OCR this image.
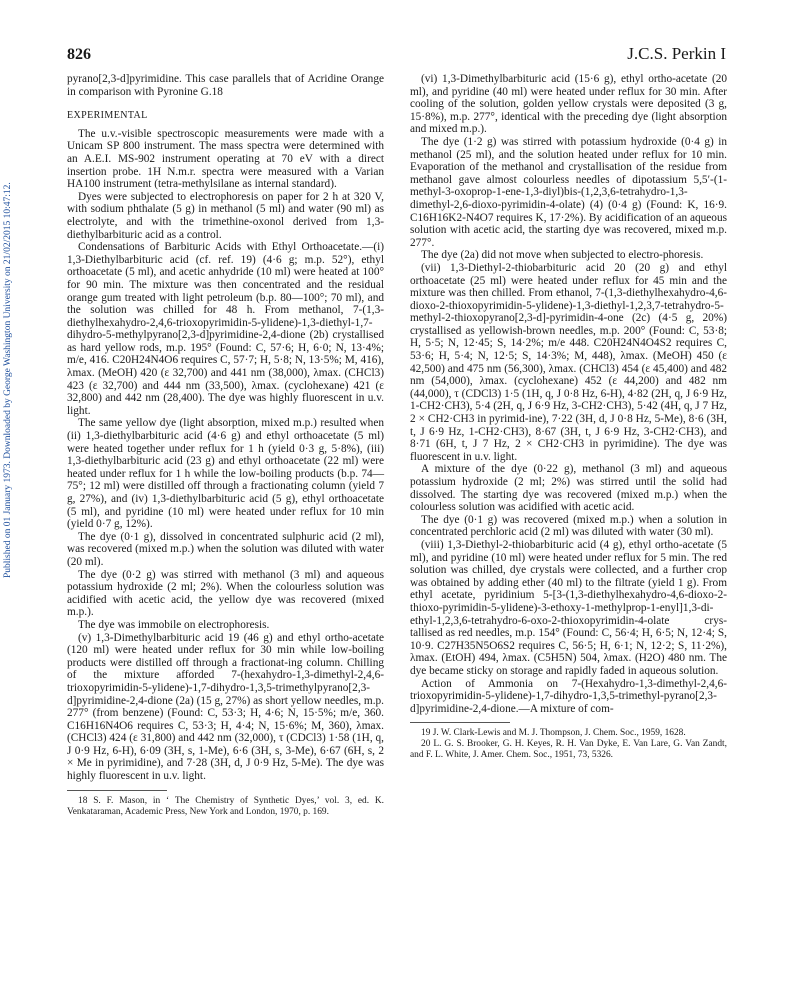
826	J.C.S. Perkin I
Published on 01 January 1973. Downloaded by George Washington University on 21/02/2015 10:47:12.

pyrano[2,3-d]pyrimidine. This case parallels that of Acridine Orange in comparison with Pyronine G.18

EXPERIMENTAL

The u.v.-visible spectroscopic measurements were made with a Unicam SP 800 instrument. The mass spectra were determined with an A.E.I. MS-902 instrument operating at 70 eV with a direct insertion probe. 1H N.m.r. spectra were measured with a Varian HA100 instrument (tetra-methylsilane as internal standard).

Dyes were subjected to electrophoresis on paper for 2 h at 320 V, with sodium phthalate (5 g) in methanol (5 ml) and water (90 ml) as electrolyte, and with the trimethine-oxonol derived from 1,3-diethylbarbituric acid as a control.

Condensations of Barbituric Acids with Ethyl Orthoacetate.—(i) 1,3-Diethylbarbituric acid (cf. ref. 19) (4·6 g; m.p. 52°), ethyl orthoacetate (5 ml), and acetic anhydride (10 ml) were heated at 100° for 90 min. The mixture was then concentrated and the residual orange gum treated with light petroleum (b.p. 80—100°; 70 ml), and the solution was chilled for 48 h. From methanol, 7-(1,3-diethylhexahydro-2,4,6-trioxopyrimidin-5-ylidene)-1,3-diethyl-1,7-dihydro-5-methylpyrano[2,3-d]pyrimidine-2,4-dione (2b) crystallised as hard yellow rods, m.p. 195° (Found: C, 57·6; H, 6·0; N, 13·4%; m/e, 416. C20H24N4O6 requires C, 57·7; H, 5·8; N, 13·5%; M, 416), λmax. (MeOH) 420 (ε 32,700) and 441 nm (38,000), λmax. (CHCl3) 423 (ε 32,700) and 444 nm (33,500), λmax. (cyclohexane) 421 (ε 32,800) and 442 nm (28,400). The dye was highly fluorescent in u.v. light.

The same yellow dye (light absorption, mixed m.p.) resulted when (ii) 1,3-diethylbarbituric acid (4·6 g) and ethyl orthoacetate (5 ml) were heated together under reflux for 1 h (yield 0·3 g, 5·8%), (iii) 1,3-diethylbarbituric acid (23 g) and ethyl orthoacetate (22 ml) were heated under reflux for 1 h while the low-boiling products (b.p. 74—75°; 12 ml) were distilled off through a fractionating column (yield 7 g, 27%), and (iv) 1,3-diethylbarbituric acid (5 g), ethyl orthoacetate (5 ml), and pyridine (10 ml) were heated under reflux for 10 min (yield 0·7 g, 12%).

The dye (0·1 g), dissolved in concentrated sulphuric acid (2 ml), was recovered (mixed m.p.) when the solution was diluted with water (20 ml).

The dye (0·2 g) was stirred with methanol (3 ml) and aqueous potassium hydroxide (2 ml; 2%). When the colourless solution was acidified with acetic acid, the yellow dye was recovered (mixed m.p.).

The dye was immobile on electrophoresis.

(v) 1,3-Dimethylbarbituric acid 19 (46 g) and ethyl ortho-acetate (120 ml) were heated under reflux for 30 min while low-boiling products were distilled off through a fractionat-ing column. Chilling of the mixture afforded 7-(hexahydro-1,3-dimethyl-2,4,6-trioxopyrimidin-5-ylidene)-1,7-dihydro-1,3,5-trimethylpyrano[2,3-d]pyrimidine-2,4-dione (2a) (15 g, 27%) as short yellow needles, m.p. 277° (from benzene) (Found: C, 53·3; H, 4·6; N, 15·5%; m/e, 360. C16H16N4O6 requires C, 53·3; H, 4·4; N, 15·6%; M, 360), λmax. (CHCl3) 424 (ε 31,800) and 442 nm (32,000), τ (CDCl3) 1·58 (1H, q, J 0·9 Hz, 6-H), 6·09 (3H, s, 1-Me), 6·6 (3H, s, 3-Me), 6·67 (6H, s, 2 × Me in pyrimidine), and 7·28 (3H, d, J 0·9 Hz, 5-Me). The dye was highly fluorescent in u.v. light.

18 S. F. Mason, in ‘ The Chemistry of Synthetic Dyes,’ vol. 3, ed. K. Venkataraman, Academic Press, New York and London, 1970, p. 169.

(vi) 1,3-Dimethylbarbituric acid (15·6 g), ethyl ortho-acetate (20 ml), and pyridine (40 ml) were heated under reflux for 30 min. After cooling of the solution, golden yellow crystals were deposited (3 g, 15·8%), m.p. 277°, identical with the preceding dye (light absorption and mixed m.p.).

The dye (1·2 g) was stirred with potassium hydroxide (0·4 g) in methanol (25 ml), and the solution heated under reflux for 10 min. Evaporation of the methanol and crystallisation of the residue from methanol gave almost colourless needles of dipotassium 5,5′-(1-methyl-3-oxoprop-1-ene-1,3-diyl)bis-(1,2,3,6-tetrahydro-1,3-dimethyl-2,6-dioxo-pyrimidin-4-olate) (4) (0·4 g) (Found: K, 16·9. C16H16K2-N4O7 requires K, 17·2%). By acidification of an aqueous solution with acetic acid, the starting dye was recovered, mixed m.p. 277°.

The dye (2a) did not move when subjected to electro-phoresis.

(vii) 1,3-Diethyl-2-thiobarbituric acid 20 (20 g) and ethyl orthoacetate (25 ml) were heated under reflux for 45 min and the mixture was then chilled. From ethanol, 7-(1,3-diethylhexahydro-4,6-dioxo-2-thioxopyrimidin-5-ylidene)-1,3-diethyl-1,2,3,7-tetrahydro-5-methyl-2-thioxopyrano[2,3-d]-pyrimidin-4-one (2c) (4·5 g, 20%) crystallised as yellowish-brown needles, m.p. 200° (Found: C, 53·8; H, 5·5; N, 12·45; S, 14·2%; m/e 448. C20H24N4O4S2 requires C, 53·6; H, 5·4; N, 12·5; S, 14·3%; M, 448), λmax. (MeOH) 450 (ε 42,500) and 475 nm (56,300), λmax. (CHCl3) 454 (ε 45,400) and 482 nm (54,000), λmax. (cyclohexane) 452 (ε 44,200) and 482 nm (44,000), τ (CDCl3) 1·5 (1H, q, J 0·8 Hz, 6-H), 4·82 (2H, q, J 6·9 Hz, 1-CH2·CH3), 5·4 (2H, q, J 6·9 Hz, 3-CH2·CH3), 5·42 (4H, q, J 7 Hz, 2 × CH2·CH3 in pyrimid-ine), 7·22 (3H, d, J 0·8 Hz, 5-Me), 8·6 (3H, t, J 6·9 Hz, 1-CH2·CH3), 8·67 (3H, t, J 6·9 Hz, 3-CH2·CH3), and 8·71 (6H, t, J 7 Hz, 2 × CH2·CH3 in pyrimidine). The dye was fluorescent in u.v. light.

A mixture of the dye (0·22 g), methanol (3 ml) and aqueous potassium hydroxide (2 ml; 2%) was stirred until the solid had dissolved. The starting dye was recovered (mixed m.p.) when the colourless solution was acidified with acetic acid.

The dye (0·1 g) was recovered (mixed m.p.) when a solution in concentrated perchloric acid (2 ml) was diluted with water (30 ml).

(viii) 1,3-Diethyl-2-thiobarbituric acid (4 g), ethyl ortho-acetate (5 ml), and pyridine (10 ml) were heated under reflux for 5 min. The red solution was chilled, dye crystals were collected, and a further crop was obtained by adding ether (40 ml) to the filtrate (yield 1 g). From ethyl acetate, pyridinium 5-[3-(1,3-diethylhexahydro-4,6-dioxo-2-thioxo-pyrimidin-5-ylidene)-3-ethoxy-1-methylprop-1-enyl]1,3-di-ethyl-1,2,3,6-tetrahydro-6-oxo-2-thioxopyrimidin-4-olate crys-tallised as red needles, m.p. 154° (Found: C, 56·4; H, 6·5; N, 12·4; S, 10·9. C27H35N5O6S2 requires C, 56·5; H, 6·1; N, 12·2; S, 11·2%), λmax. (EtOH) 494, λmax. (C5H5N) 504, λmax. (H2O) 480 nm. The dye became sticky on storage and rapidly faded in aqueous solution.

Action of Ammonia on 7-(Hexahydro-1,3-dimethyl-2,4,6-trioxopyrimidin-5-ylidene)-1,7-dihydro-1,3,5-trimethyl-pyrano[2,3-d]pyrimidine-2,4-dione.—A mixture of com-

19 J. W. Clark-Lewis and M. J. Thompson, J. Chem. Soc., 1959, 1628.

20 L. G. S. Brooker, G. H. Keyes, R. H. Van Dyke, E. Van Lare, G. Van Zandt, and F. L. White, J. Amer. Chem. Soc., 1951, 73, 5326.
